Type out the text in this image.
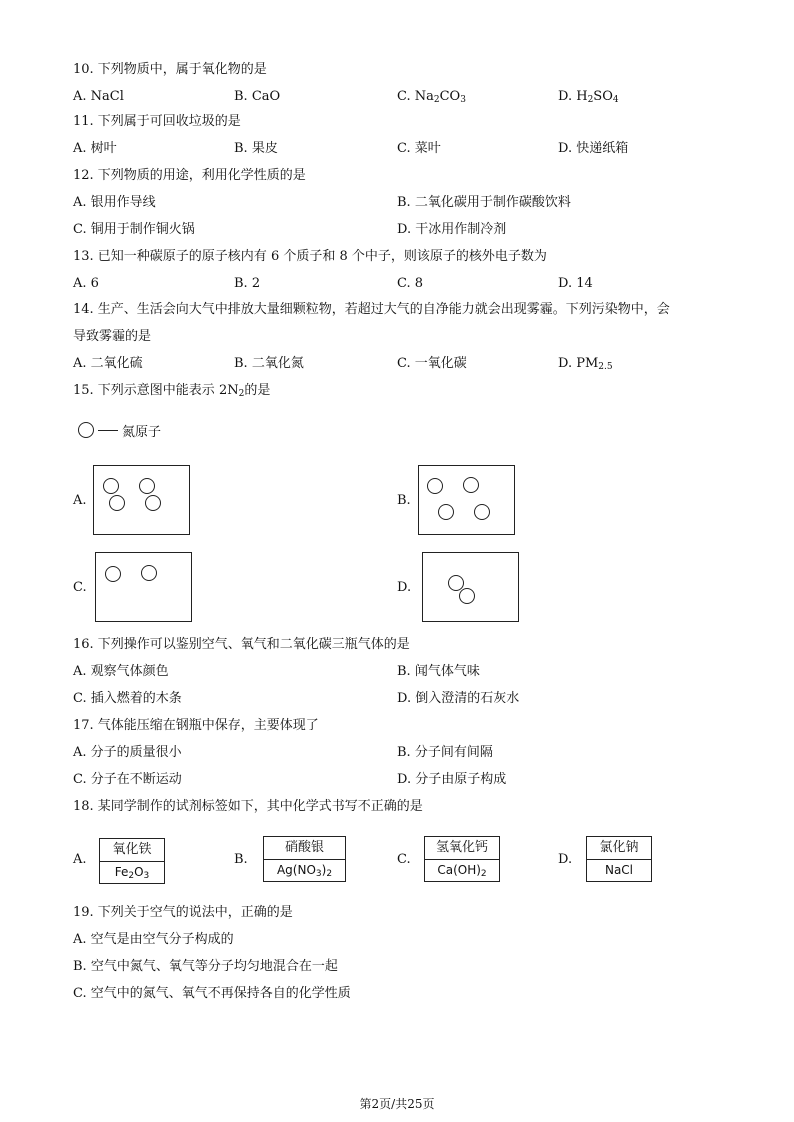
10. 下列物质中，属于氧化物的是
A. NaCl	B. CaO	C. $Na_2CO_3$	D. $H_2SO_4$
11. 下列属于可回收垃圾的是
A. 树叶	B. 果皮	C. 菜叶	D. 快递纸箱
12. 下列物质的用途，利用化学性质的是
A. 银用作导线	B. 二氧化碳用于制作碳酸饮料
C. 铜用于制作铜火锅	D. 干冰用作制冷剂
13. 已知一种碳原子的原子核内有 6 个质子和 8 个中子，则该原子的核外电子数为
A. 6	B. 2	C. 8	D. 14
14. 生产、生活会向大气中排放大量细颗粒物，若超过大气的自净能力就会出现雾霾。下列污染物中，会
导致雾霾的是
A. 二氧化硫	B. 二氧化氮	C. 一氧化碳	D. $PM_{2.5}$
15. 下列示意图中能表示 $2N_2$的是
氮原子
A.	B.
C.	D.
16. 下列操作可以鉴别空气、氧气和二氧化碳三瓶气体的是
A. 观察气体颜色	B. 闻气体气味
C. 插入燃着的木条	D. 倒入澄清的石灰水
17. 气体能压缩在钢瓶中保存，主要体现了
A. 分子的质量很小	B. 分子间有间隔
C. 分子在不断运动	D. 分子由原子构成
18. 某同学制作的试剂标签如下，其中化学式书写不正确的是
A.
氧化铁
$Fe_2O_3$
B.
硝酸银
$Ag(NO_3)_2$
C.
氢氧化钙
$Ca(OH)_2$
D.
氯化钠
NaCl
19. 下列关于空气的说法中，正确的是
A. 空气是由空气分子构成的
B. 空气中氮气、氧气等分子均匀地混合在一起
C. 空气中的氮气、氧气不再保持各自的化学性质
第2页/共25页
